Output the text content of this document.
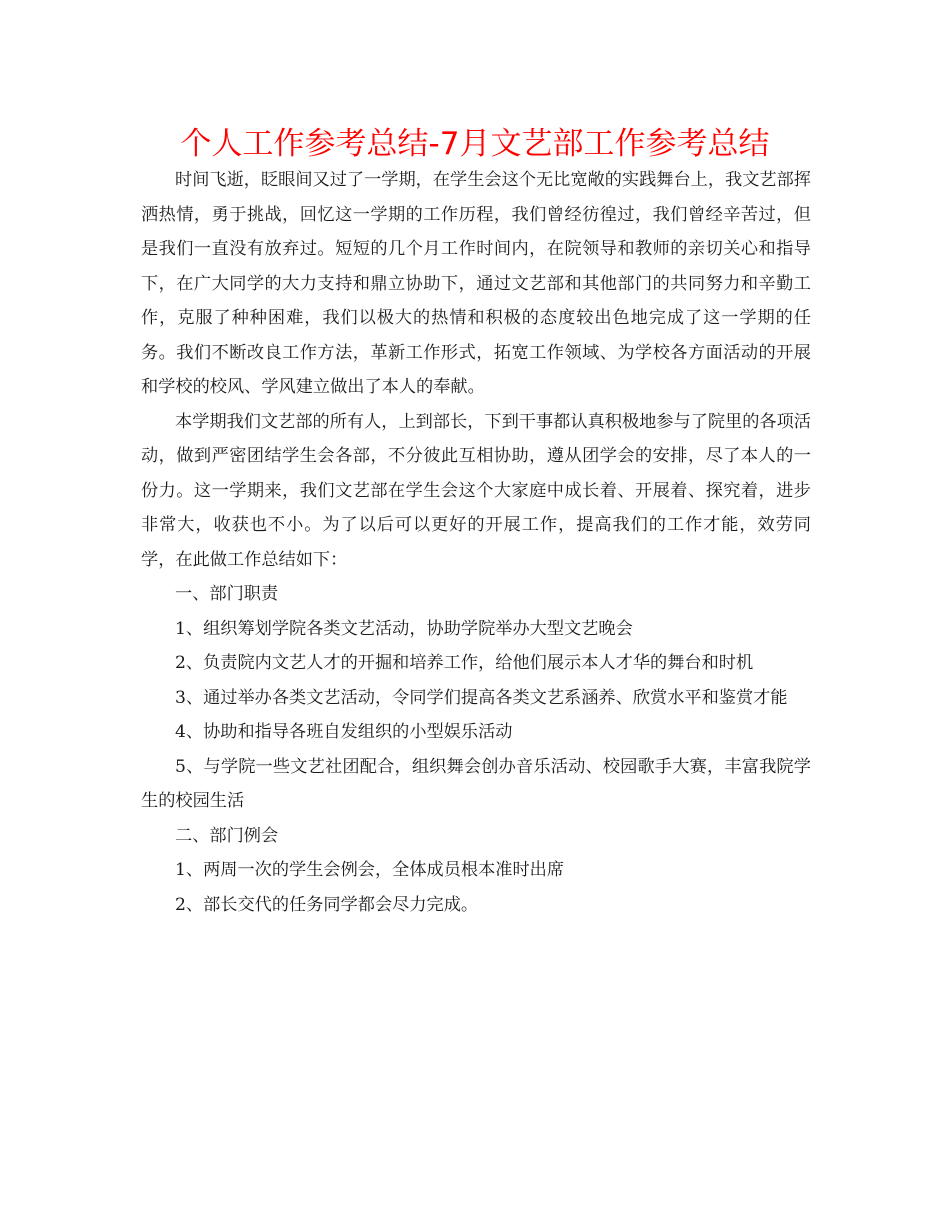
个人工作参考总结-7月文艺部工作参考总结

时间飞逝，眨眼间又过了一学期，在学生会这个无比宽敞的实践舞台上，我文艺部挥洒热情，勇于挑战，回忆这一学期的工作历程，我们曾经彷徨过，我们曾经辛苦过，但是我们一直没有放弃过。短短的几个月工作时间内，在院领导和教师的亲切关心和指导下，在广大同学的大力支持和鼎立协助下，通过文艺部和其他部门的共同努力和辛勤工作，克服了种种困难，我们以极大的热情和积极的态度较出色地完成了这一学期的任务。我们不断改良工作方法，革新工作形式，拓宽工作领域、为学校各方面活动的开展和学校的校风、学风建立做出了本人的奉献。

本学期我们文艺部的所有人，上到部长，下到干事都认真积极地参与了院里的各项活动，做到严密团结学生会各部，不分彼此互相协助，遵从团学会的安排，尽了本人的一份力。这一学期来，我们文艺部在学生会这个大家庭中成长着、开展着、探究着，进步非常大，收获也不小。为了以后可以更好的开展工作，提高我们的工作才能，效劳同学，在此做工作总结如下：

一、部门职责

1、组织筹划学院各类文艺活动，协助学院举办大型文艺晚会

2、负责院内文艺人才的开掘和培养工作，给他们展示本人才华的舞台和时机

3、通过举办各类文艺活动，令同学们提高各类文艺系涵养、欣赏水平和鉴赏才能

4、协助和指导各班自发组织的小型娱乐活动

5、与学院一些文艺社团配合，组织舞会创办音乐活动、校园歌手大赛，丰富我院学生的校园生活

二、部门例会

1、两周一次的学生会例会，全体成员根本准时出席

2、部长交代的任务同学都会尽力完成。
